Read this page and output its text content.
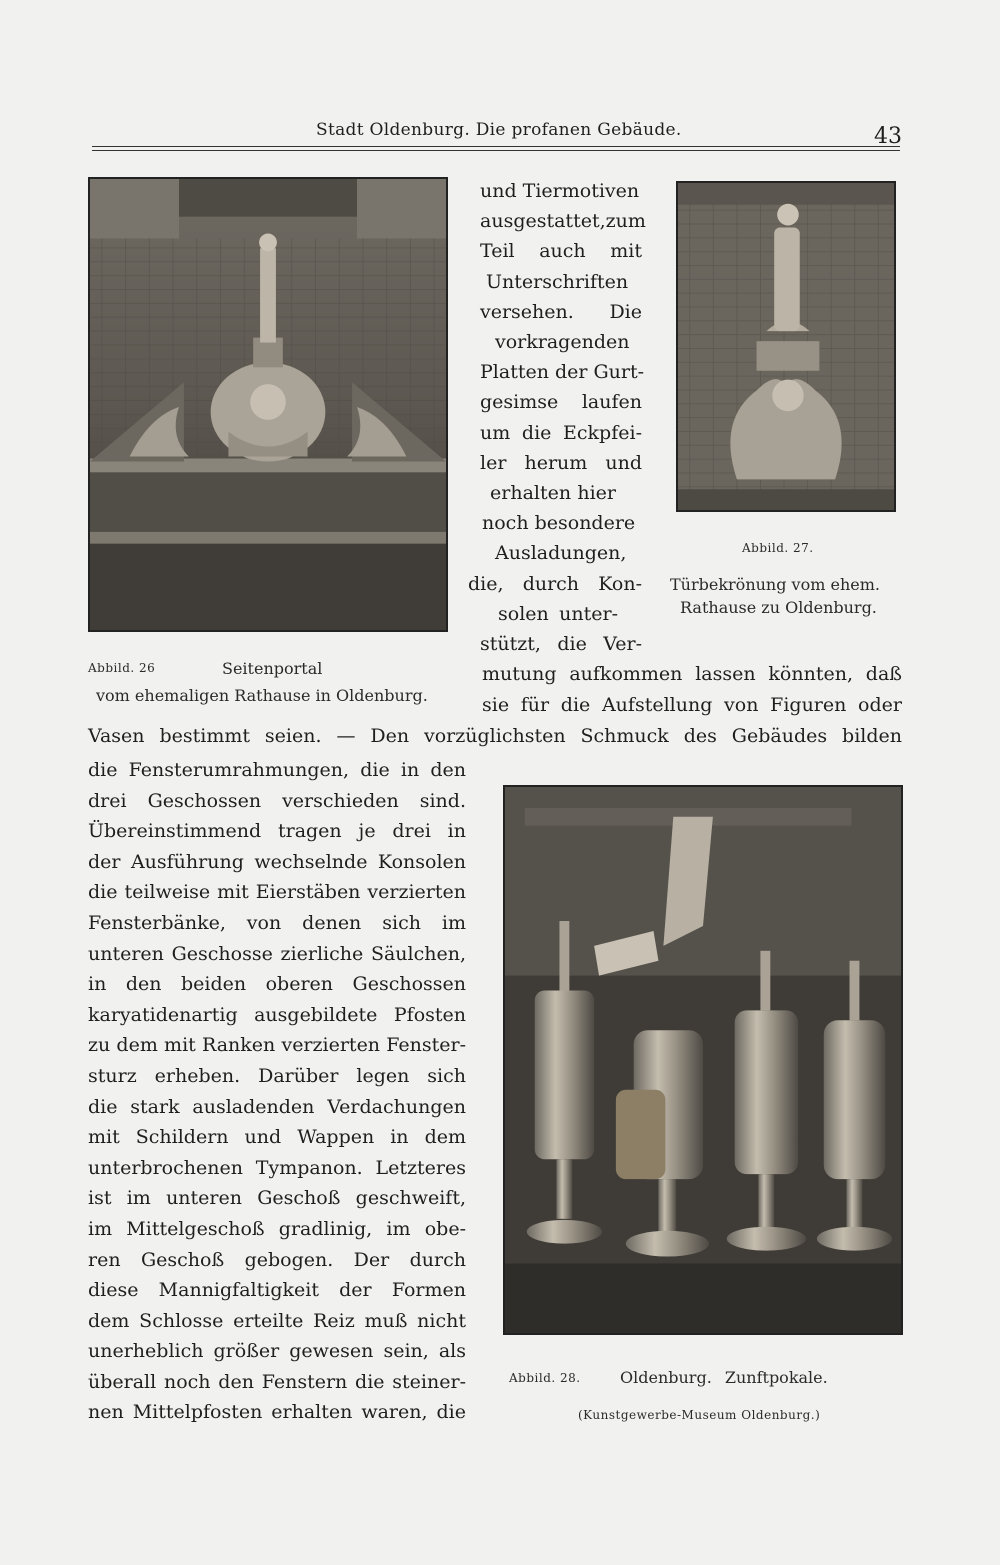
Stadt Oldenburg. Die profanen Gebäude.	43
Abbild. 26	Seitenportal
vom ehemaligen Rathause in Oldenburg.
Abbild. 27.
Türbekrönung vom ehem.
Rathause zu Oldenburg.
Abbild. 28. Oldenburg. Zunftpokale.
(Kunstgewerbe-Museum Oldenburg.)
und Tiermotiven
ausgestattet,zum
Teil auch mit
Unterschriften
versehen. Die
vorkragenden
Platten der Gurt-
gesimse laufen
um die Eckpfei-
ler herum und
erhalten hier
noch besondere
Ausladungen,
die, durch Kon-
solen unter-
stützt, die Ver-
mutung aufkommen lassen könnten, daß
sie für die Aufstellung von Figuren oder
Vasen bestimmt seien. — Den vorzüglichsten Schmuck des Gebäudes bilden
die Fensterumrahmungen, die in den
drei Geschossen verschieden sind.
Übereinstimmend tragen je drei in
der Ausführung wechselnde Konsolen
die teilweise mit Eierstäben verzierten
Fensterbänke, von denen sich im
unteren Geschosse zierliche Säulchen,
in den beiden oberen Geschossen
karyatidenartig ausgebildete Pfosten
zu dem mit Ranken verzierten Fenster-
sturz erheben. Darüber legen sich
die stark ausladenden Verdachungen
mit Schildern und Wappen in dem
unterbrochenen Tympanon. Letzteres
ist im unteren Geschoß geschweift,
im Mittelgeschoß gradlinig, im obe-
ren Geschoß gebogen. Der durch
diese Mannigfaltigkeit der Formen
dem Schlosse erteilte Reiz muß nicht
unerheblich größer gewesen sein, als
überall noch den Fenstern die steiner-
nen Mittelpfosten erhalten waren, die
